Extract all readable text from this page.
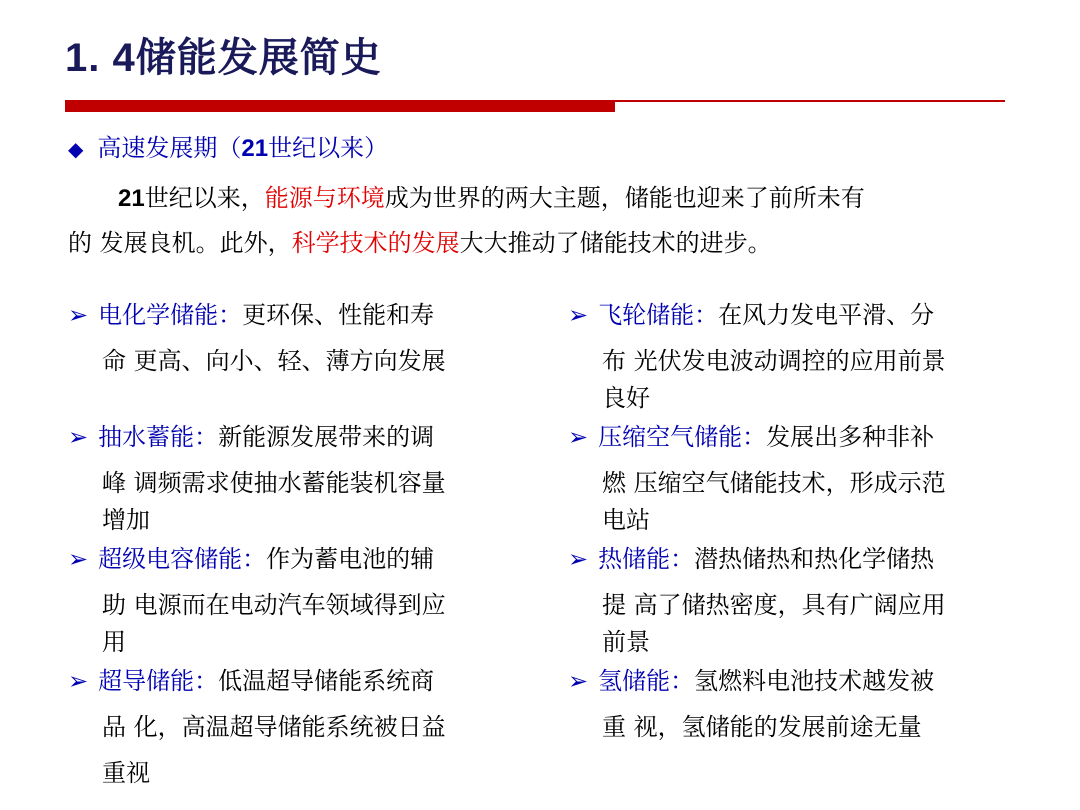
1. 4储能发展简史
◆ 高速发展期（21世纪以来）
21世纪以来，能源与环境成为世界的两大主题，储能也迎来了前所未有
的 发展良机。此外，科学技术的发展大大推动了储能技术的进步。
➢ 电化学储能：更环保、性能和寿
命 更高、向小、轻、薄方向发展
➢ 抽水蓄能：新能源发展带来的调
峰 调频需求使抽水蓄能装机容量
增加
➢ 超级电容储能：作为蓄电池的辅
助 电源而在电动汽车领域得到应
用
➢ 超导储能：低温超导储能系统商
品 化，高温超导储能系统被日益
重视
➢ 飞轮储能：在风力发电平滑、分
布 光伏发电波动调控的应用前景
良好
➢ 压缩空气储能：发展出多种非补
燃 压缩空气储能技术，形成示范
电站
➢ 热储能：潜热储热和热化学储热
提 高了储热密度，具有广阔应用
前景
➢ 氢储能：氢燃料电池技术越发被
重 视，氢储能的发展前途无量
